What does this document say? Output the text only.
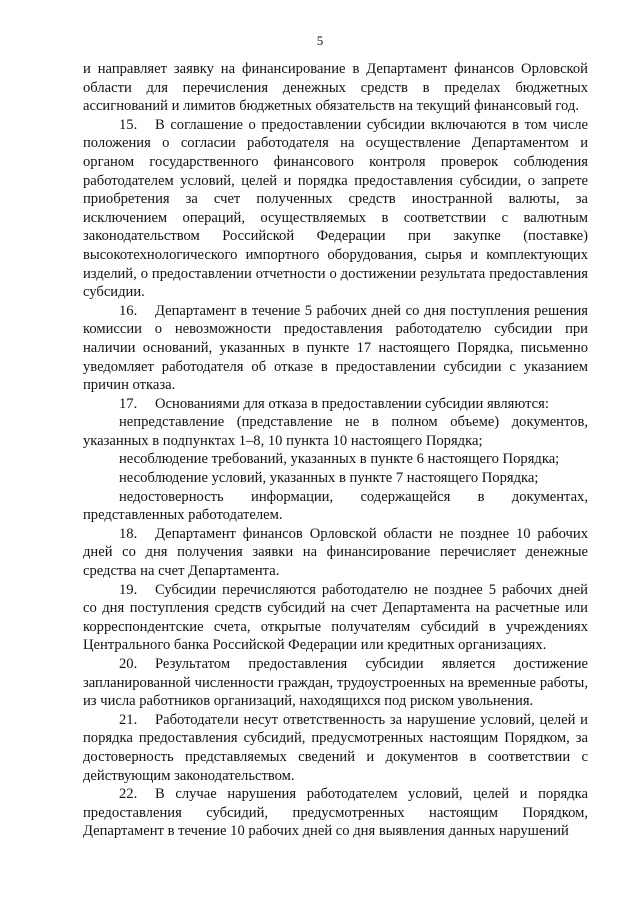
5

и направляет заявку на финансирование в Департамент финансов Орловской области для перечисления денежных средств в пределах бюджетных ассигнований и лимитов бюджетных обязательств на текущий финансовый год.

15. В соглашение о предоставлении субсидии включаются в том числе положения о согласии работодателя на осуществление Департаментом и органом государственного финансового контроля проверок соблюдения работодателем условий, целей и порядка предоставления субсидии, о запрете приобретения за счет полученных средств иностранной валюты, за исключением операций, осуществляемых в соответствии с валютным законодательством Российской Федерации при закупке (поставке) высокотехнологического импортного оборудования, сырья и комплектующих изделий, о предоставлении отчетности о достижении результата предоставления субсидии.

16. Департамент в течение 5 рабочих дней со дня поступления решения комиссии о невозможности предоставления работодателю субсидии при наличии оснований, указанных в пункте 17 настоящего Порядка, письменно уведомляет работодателя об отказе в предоставлении субсидии с указанием причин отказа.

17. Основаниями для отказа в предоставлении субсидии являются:

непредставление (представление не в полном объеме) документов, указанных в подпунктах 1–8, 10 пункта 10 настоящего Порядка;

несоблюдение требований, указанных в пункте 6 настоящего Порядка;

несоблюдение условий, указанных в пункте 7 настоящего Порядка;

недостоверность информации, содержащейся в документах, представленных работодателем.

18. Департамент финансов Орловской области не позднее 10 рабочих дней со дня получения заявки на финансирование перечисляет денежные средства на счет Департамента.

19. Субсидии перечисляются работодателю не позднее 5 рабочих дней со дня поступления средств субсидий на счет Департамента на расчетные или корреспондентские счета, открытые получателям субсидий в учреждениях Центрального банка Российской Федерации или кредитных организациях.

20. Результатом предоставления субсидии является достижение запланированной численности граждан, трудоустроенных на временные работы, из числа работников организаций, находящихся под риском увольнения.

21. Работодатели несут ответственность за нарушение условий, целей и порядка предоставления субсидий, предусмотренных настоящим Порядком, за достоверность представляемых сведений и документов в соответствии с действующим законодательством.

22. В случае нарушения работодателем условий, целей и порядка предоставления субсидий, предусмотренных настоящим Порядком, Департамент в течение 10 рабочих дней со дня выявления данных нарушений
